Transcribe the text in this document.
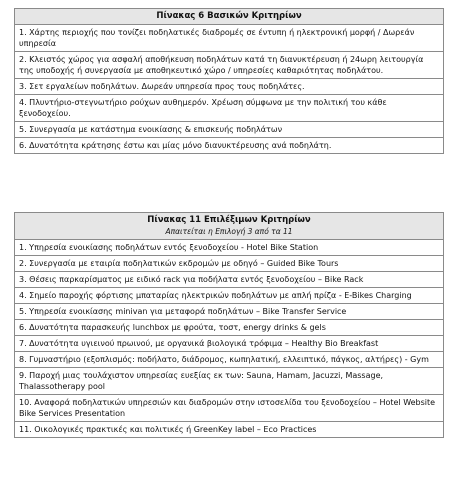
Πίνακας 6 Βασικών Κριτηρίων
1. Χάρτης περιοχής που τονίζει ποδηλατικές διαδρομές σε έντυπη ή ηλεκτρονική μορφή / Δωρεάν υπηρεσία
2. Κλειστός χώρος για ασφαλή αποθήκευση ποδηλάτων κατά τη διανυκτέρευση ή 24ωρη λειτουργία της υποδοχής ή συνεργασία με αποθηκευτικό χώρο / υπηρεσίες καθαριότητας ποδηλάτου.
3. Σετ εργαλείων ποδηλάτων. Δωρεάν υπηρεσία προς τους ποδηλάτες.
4. Πλυντήριο-στεγνωτήριο ρούχων αυθημερόν. Χρέωση σύμφωνα με την πολιτική του κάθε ξενοδοχείου.
5. Συνεργασία με κατάστημα ενοικίασης & επισκευής ποδηλάτων
6. Δυνατότητα κράτησης έστω και μίας μόνο διανυκτέρευσης ανά ποδηλάτη.
Πίνακας 11 Επιλέξιμων Κριτηρίων
Απαιτείται η Επιλογή 3 από τα 11

1. Υπηρεσία ενοικίασης ποδηλάτων εντός ξενοδοχείου - Hotel Bike Station
2. Συνεργασία με εταιρία ποδηλατικών εκδρομών με οδηγό – Guided Bike Tours
3. Θέσεις παρκαρίσματος με ειδικό rack για ποδήλατα εντός ξενοδοχείου – Bike Rack
4. Σημείο παροχής φόρτισης μπαταρίας ηλεκτρικών ποδηλάτων με απλή πρίζα - E-Bikes Charging
5. Υπηρεσία ενοικίασης minivan για μεταφορά ποδηλάτων – Bike Transfer Service
6. Δυνατότητα παρασκευής lunchbox με φρούτα, τοστ, energy drinks & gels
7. Δυνατότητα υγιεινού πρωινού, με οργανικά βιολογικά τρόφιμα – Healthy Bio Breakfast
8. Γυμναστήριο (εξοπλισμός: ποδήλατο, διάδρομος, κωπηλατική, ελλειπτικό, πάγκος, αλτήρες) - Gym
9. Παροχή μιας τουλάχιστον υπηρεσίας ευεξίας εκ των: Sauna, Hamam, Jacuzzi, Massage, Thalassotherapy pool
10. Αναφορά ποδηλατικών υπηρεσιών και διαδρομών στην ιστοσελίδα του ξενοδοχείου – Hotel Website Bike Services Presentation
11. Οικολογικές πρακτικές και πολιτικές ή GreenKey label – Eco Practices
